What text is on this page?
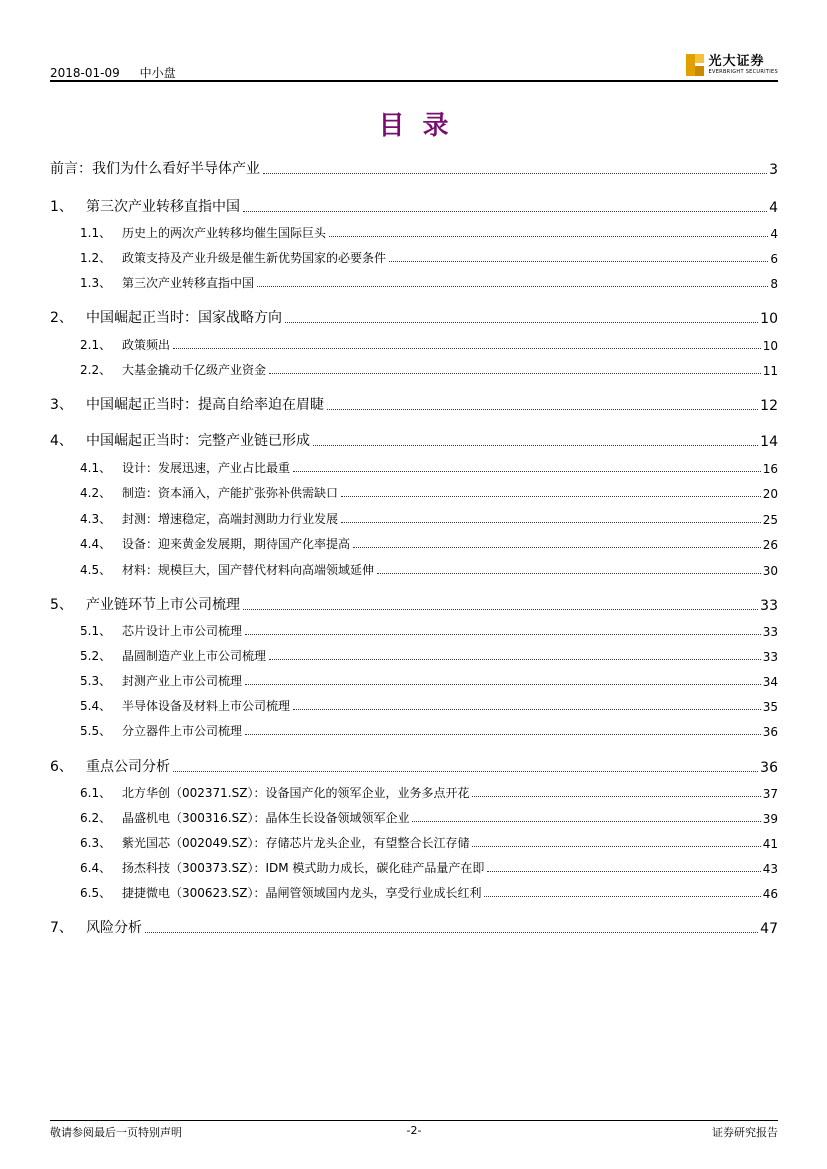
2018-01-09 中小盘
光大证券
EVERBRIGHT SECURITIES
目录
前言：我们为什么看好半导体产业	3
1、 第三次产业转移直指中国	4
1.1、 历史上的两次产业转移均催生国际巨头	4
1.2、 政策支持及产业升级是催生新优势国家的必要条件	6
1.3、 第三次产业转移直指中国	8
2、 中国崛起正当时：国家战略方向	10
2.1、 政策频出	10
2.2、 大基金撬动千亿级产业资金	11
3、 中国崛起正当时：提高自给率迫在眉睫	12
4、 中国崛起正当时：完整产业链已形成	14
4.1、 设计：发展迅速，产业占比最重	16
4.2、 制造：资本涌入，产能扩张弥补供需缺口	20
4.3、 封测：增速稳定，高端封测助力行业发展	25
4.4、 设备：迎来黄金发展期，期待国产化率提高	26
4.5、 材料：规模巨大，国产替代材料向高端领域延伸	30
5、 产业链环节上市公司梳理	33
5.1、 芯片设计上市公司梳理	33
5.2、 晶圆制造产业上市公司梳理	33
5.3、 封测产业上市公司梳理	34
5.4、 半导体设备及材料上市公司梳理	35
5.5、 分立器件上市公司梳理	36
6、 重点公司分析	36
6.1、 北方华创（002371.SZ）：设备国产化的领军企业，业务多点开花	37
6.2、 晶盛机电（300316.SZ）：晶体生长设备领域领军企业	39
6.3、 紫光国芯（002049.SZ）：存储芯片龙头企业，有望整合长江存储	41
6.4、 扬杰科技（300373.SZ）：IDM 模式助力成长，碳化硅产品量产在即	43
6.5、 捷捷微电（300623.SZ）：晶闸管领域国内龙头，享受行业成长红利	46
7、 风险分析	47
敬请参阅最后一页特别声明	-2-	证券研究报告
